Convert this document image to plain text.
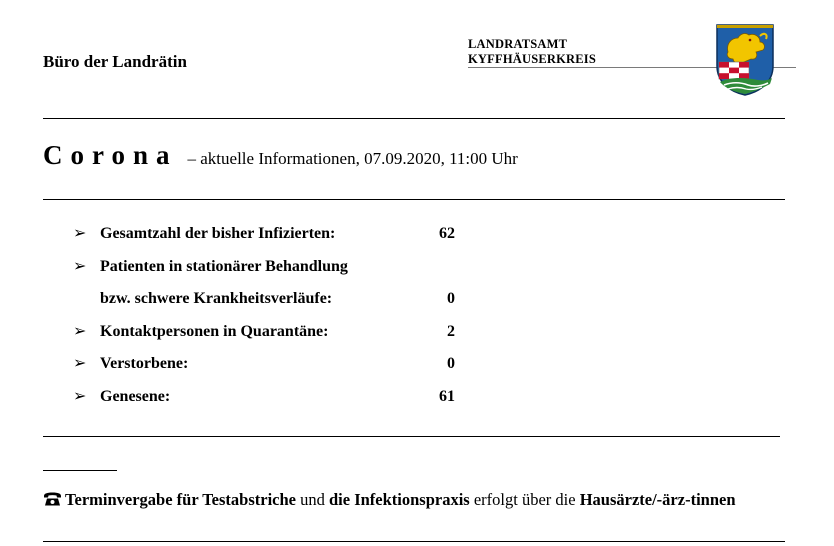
Büro der Landrätin
LANDRATSAMT
KYFFHÄUSERKREIS
Corona – aktuelle Informationen, 07.09.2020, 11:00 Uhr
➢ Gesamtzahl der bisher Infizierten:	62
➢ Patienten in stationärer Behandlung
bzw. schwere Krankheitsverläufe:	0
➢ Kontaktpersonen in Quarantäne:	2
➢ Verstorbene:	0
➢ Genesene:	61
Terminvergabe für Testabstriche und die Infektionspraxis erfolgt über die Hausärzte/-ärz-tinnen
